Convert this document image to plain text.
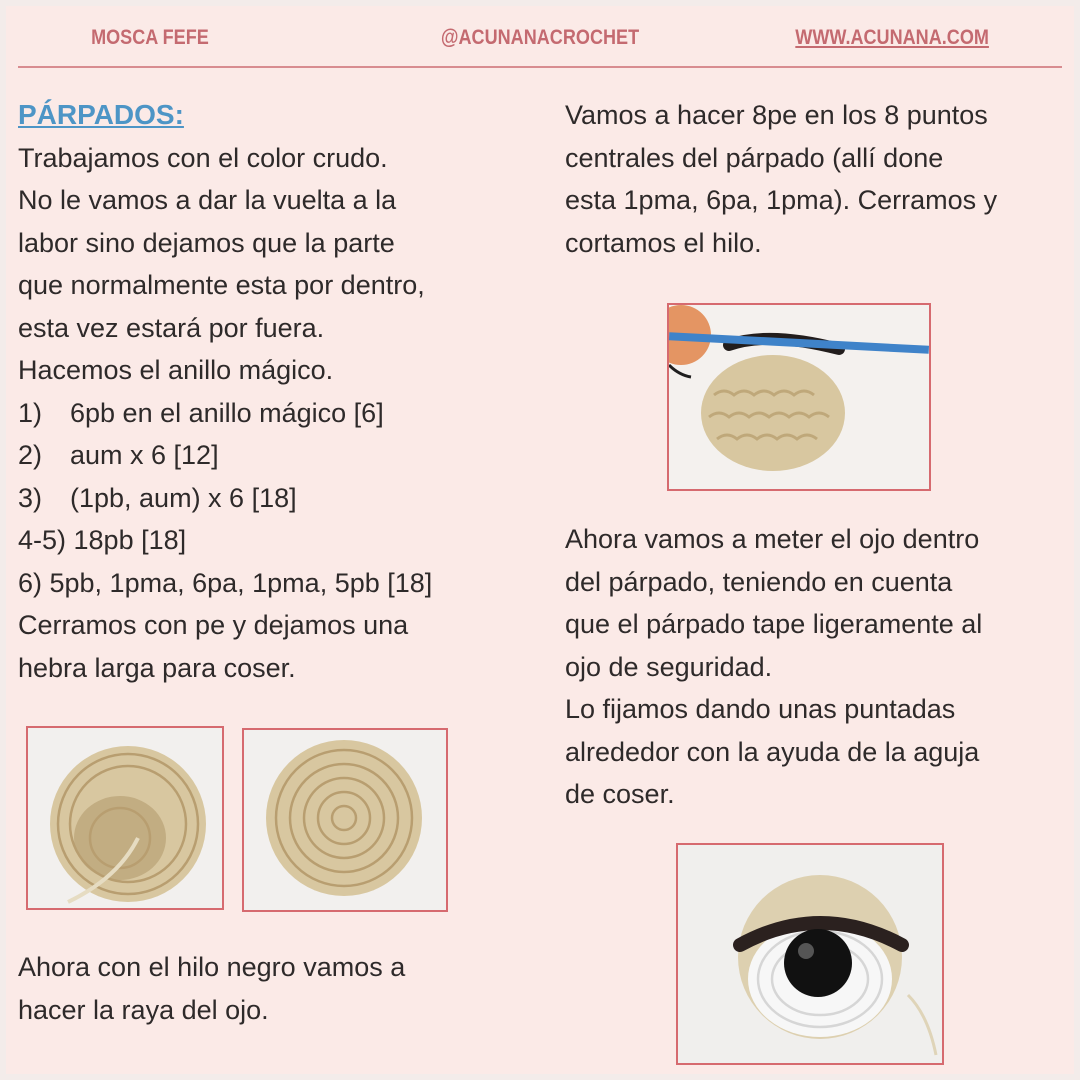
MOSCA FEFE	@ACUNANACROCHET	WWW.ACUNANA.COM

PÁRPADOS:

Trabajamos con el color crudo.

No le vamos a dar la vuelta a la

labor sino dejamos que la parte

que normalmente esta por dentro,

esta vez estará por fuera.

Hacemos el anillo mágico.

1)	6pb en el anillo mágico [6]

2)	aum x 6 [12]

3)	(1pb, aum) x 6 [18]

4-5) 18pb [18]

6) 5pb, 1pma, 6pa, 1pma, 5pb [18]

Cerramos con pe y dejamos una

hebra larga para coser.

Vamos a hacer 8pe en los 8 puntos

centrales del párpado (allí done

esta 1pma, 6pa, 1pma). Cerramos y

cortamos el hilo.

Ahora vamos a meter el ojo dentro

del párpado, teniendo en cuenta

que el párpado tape ligeramente al

ojo de seguridad.

Lo fijamos dando unas puntadas

alrededor con la ayuda de la aguja

de coser.

Ahora con el hilo negro vamos a

hacer la raya del ojo.
